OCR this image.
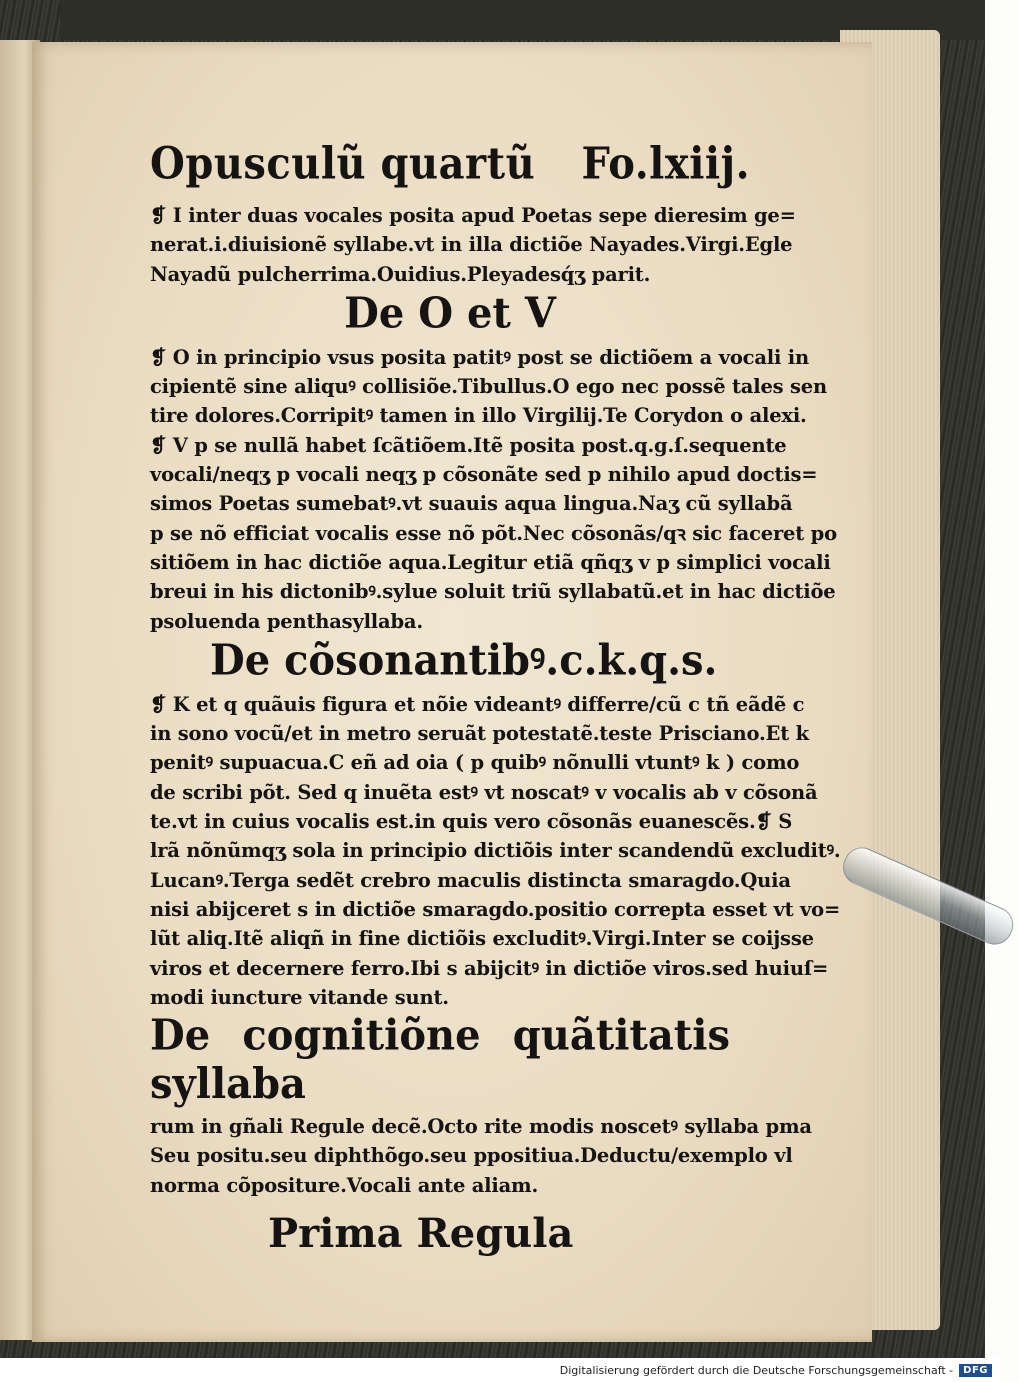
Opusculũ quartũ Fo.lxiij.
❡ I inter duas vocales posita apud Poetas sepe dieresim ge=
nerat.i.diuisionẽ syllabe.vt in illa dictiõe Nayades.Virgi.Egle
Nayadũ pulcherrima.Ouidius.Pleyadesq́ʒ parit.
De O et V
❡ O in principio vsus posita patitꝰ post se dictiõem a vocali in
cipientẽ sine aliquꝰ collisiõe.Tibullus.O ego nec possẽ tales sen
tire dolores.Corripitꝰ tamen in illo Virgilij.Te Corydon o alexi.
❡ V p se nullã habet ſcãtiõem.Itẽ posita post.q.g.ſ.sequente
vocali/neqʒ p vocali neqʒ p cõsonãte sed p nihilo apud doctis=
simos Poetas sumebatꝰ.vt suauis aqua lingua.Naʒ cũ syllabã
p se nõ efficiat vocalis esse nõ põt.Nec cõsonãs/qꝛ sic faceret po
sitiõem in hac dictiõe aqua.Legitur etiã qñqʒ v p simplici vocali
breui in his dictonibꝰ.sylue soluit triũ syllabatũ.et in hac dictiõe
psoluenda penthasyllaba.
De cõsonantibꝰ.c.k.q.s.
❡ K et q quãuis figura et nõie videantꝰ differre/cũ c tñ eãdẽ c
in sono vocũ/et in metro seruãt potestatẽ.teste Prisciano.Et k
penitꝰ supuacua.C eñ ad oia ( p quibꝰ nõnulli vtuntꝰ k ) como
de scribi põt. Sed q inuẽta estꝰ vt noscatꝰ v vocalis ab v cõsonã
te.vt in cuius vocalis est.in quis vero cõsonãs euanescẽs.❡ S
lrã nõnũmqʒ sola in principio dictiõis inter scandendũ excluditꝰ.
Lucanꝰ.Terga sedẽt crebro maculis distincta smaragdo.Quia
nisi abijceret s in dictiõe smaragdo.positio correpta esset vt vo=
lũt aliq.Itẽ aliqñ in fine dictiõis excluditꝰ.Virgi.Inter se coijsse
viros et decernere ferro.Ibi s abijcitꝰ in dictiõe viros.sed huiuſ=
modi iuncture vitande sunt.
De cognitiõne quãtitatis syllaba
rum in gñali Regule decẽ.Octo rite modis noscetꝰ syllaba pma
Seu positu.seu diphthõgo.seu ppositiua.Deductu/exemplo vl
norma cõpositure.Vocali ante aliam.
Prima Regula
Digitalisierung gefördert durch die Deutsche Forschungsgemeinschaft -	DFG
